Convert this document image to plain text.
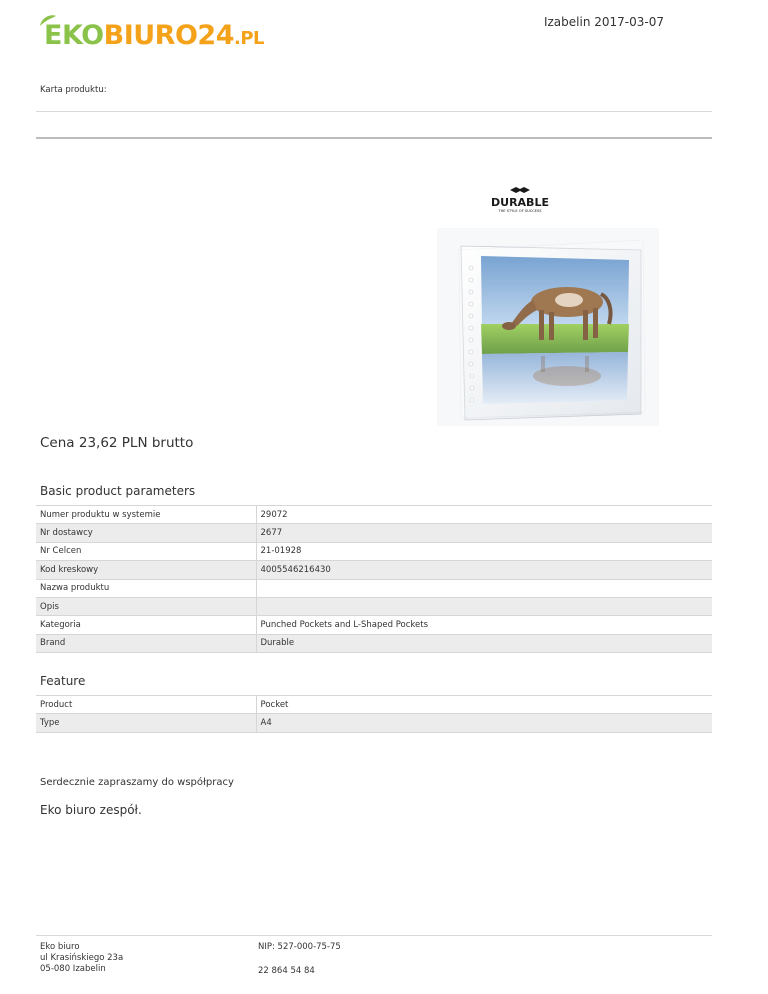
EKOBIURO24.PL
Izabelin 2017-03-07
Karta produktu:
DURABLE
THE STYLE OF SUCCESS
Cena 23,62 PLN brutto
Basic product parameters
Numer produktu w systemie	29072
Nr dostawcy	2677
Nr Celcen	21-01928
Kod kreskowy	4005546216430
Nazwa produktu	
Opis	
Kategoria	Punched Pockets and L-Shaped Pockets
Brand	Durable
Feature
Product	Pocket
Type	A4
Serdecznie zapraszamy do współpracy
Eko biuro zespół.
Eko biuro
ul Krasińskiego 23a
05-080 Izabelin
NIP: 527-000-75-75
22 864 54 84
